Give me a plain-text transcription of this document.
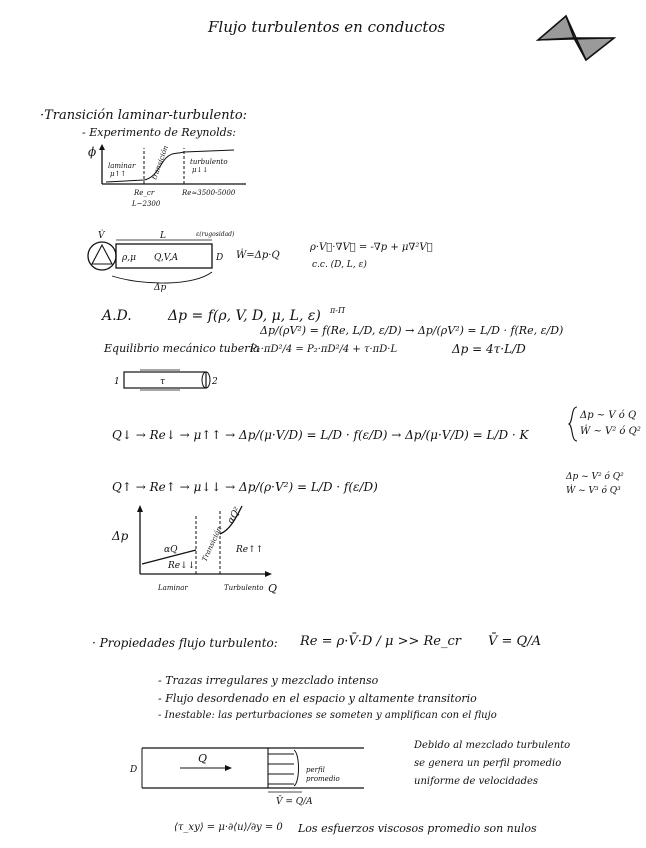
Flujo turbulentos en conductos
·Transición laminar-turbulento:
- Experimento de Reynolds:
ϕ
laminar
μ↑↑	transición	turbulento
μ↓↓
Re_cr
L~2300
Re≈3500-5000
V̇	L
ρ,μ Q,V,A	D
Δp
ε(rugosidad)
Ẇ=Δp·Q
ρ·V⃗·∇V⃗ = -∇p + μ∇²V⃗
c.c. (D, L, ε)
A.D.	Δp = f(ρ, V, D, μ, L, ε) π-Π
Δp/(ρV²) = f(Re, L/D, ε/D) → Δp/(ρV²) = L/D · f(Re, ε/D)
Equilibrio mecánico tubería
P₁·πD²/4 = P₂·πD²/4 + τ·πD·L	Δp = 4τ·L/D
1	2
τ
Q↓ → Re↓ → μ↑↑ → Δp/(μ·V/D) = L/D · f(ε/D) → Δp/(μ·V/D) = L/D · K
Δp ~ V ó Q
Ẇ ~ V² ó Q²
Q↑ → Re↑ → μ↓↓ → Δp/(ρ·V²) = L/D · f(ε/D)
Δp ~ V² ó Q²
Ẇ ~ V³ ó Q³
Δp
Q
αQ
Re↓↓
αQ²
Re↑↑
Transición
Laminar	Turbulento
· Propiedades flujo turbulento: Re = ρ·V̄·D / μ >> Re_cr V̄ = Q/A
- Trazas irregulares y mezclado intenso
- Flujo desordenado en el espacio y altamente transitorio
- Inestable: las perturbaciones se someten y amplifican con el flujo
Q
D
V̄ = Q/A
perfil promedio
Debido al mezclado turbulento
se genera un perfil promedio
uniforme de velocidades
⟨τ_xy⟩ = μ·∂⟨u⟩/∂y = 0 Los esfuerzos viscosos promedio son nulos
